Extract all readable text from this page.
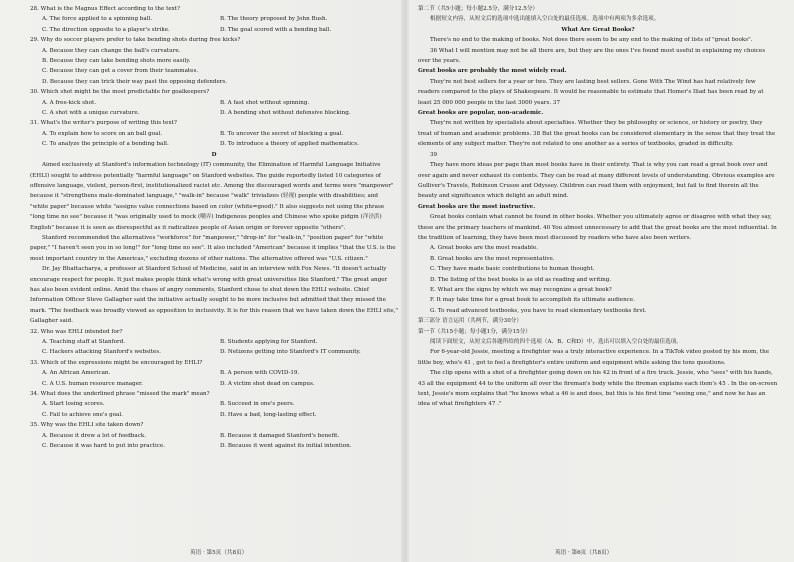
28. What is the Magnus Effect according to the text?
A. The force applied to a spinning ball.	B. The theory proposed by John Bush.
C. The direction opposite to a player's strike.	D. The goal scored with a bending ball.
29. Why do soccer players prefer to take bending shots during free kicks?
A. Because they can change the ball's curvature.
B. Because they can take bending shots more easily.
C. Because they can get a cover from their teammates.
D. Because they can trick their way past the opposing defenders.
30. Which shot might be the most predictable for goalkeepers?
A. A free-kick shot.	B. A fast shot without spinning.
C. A shot with a unique curvature.	D. A bending shot without defensive blocking.
31. What's the writer's purpose of writing this text?
A. To explain how to score on an ball goal.	B. To uncover the secret of blocking a goal.
C. To analyze the principle of a bending ball.	D. To introduce a theory of applied mathematics.
D
Aimed exclusively at Stanford's information technology (IT) community, the Elimination of Harmful Language Initiative (EHLI) sought to address potentially "harmful language" on Stanford websites. The guide reportedly listed 10 categories of offensive language, violent, person-first, institutionalized racist etc. Among the discouraged words and terms were "manpower" because it "strengthens male-dominated language," "walk-in" because "walk" trivializes (轻视) people with disabilities; and "white paper" because white "assigns value connections based on color (white=good)." It also suggests not using the phrase "long time no see" because it "was originally used to mock (嘲弄) Indigenous peoples and Chinese who spoke pidgin (洋泾浜) English" because it is seen as disrespectful as it radicalizes people of Asian origin or forever opposite "others".
Stanford recommended the alternatives "workforce" for "manpower," "drop-in" for "walk-in," "position paper" for "white paper," "I haven't seen you in so long!" for "long time no see". It also included "American" because it implies "that the U.S. is the most important country in the Americas," excluding dozens of other nations. The alternative offered was "U.S. citizen."
Dr. Jay Bhattacharya, a professor at Stanford School of Medicine, said in an interview with Fox News. "It doesn't actually encourage respect for people. It just makes people think what's wrong with great universities like Stanford." The great anger has also been evident online. Amid the chaos of angry comments, Stanford chose to shut down the EHLI website. Chief Information Officer Steve Gallagher said the initiative actually sought to be more inclusive but admitted that they missed the mark. "The feedback was broadly viewed as opposition to inclusivity. It is for this reason that we have taken down the EHLI site," Gallagher said.
32. Who was EHLI intended for?
A. Teaching staff at Stanford.	B. Students applying for Stanford.
C. Hackers attacking Stanford's websites.	D. Netizens getting into Stanford's IT community.
33. Which of the expressions might be encouraged by EHLI?
A. An African American.	B. A person with COVID-19.
C. A U.S. human resource manager.	D. A victim shot dead on campus.
34. What does the underlined phrase "missed the mark" mean?
A. Start losing scores.	B. Succeed in one's peers.
C. Fail to achieve one's goal.	D. Have a bad, long-lasting effect.
35. Why was the EHLI site taken down?
A. Because it drew a lot of feedback.	B. Because it damaged Stanford's benefit.
C. Because it was hard to put into practice.	D. Because it went against its initial intention.
第二节（共5小题；每小题2.5分，满分12.5分）
根据短文内容，从短文后的选项中选出能填入空白处的最佳选项。选项中有两项为多余选项。
What Are Great Books?
There's no end to the making of books. Not does there seem to be any end to the making of lists of "great books".
36 What I will mention may not be all there are, but they are the ones I've found most useful in explaining my choices over the years.
Great books are probably the most widely read.
They're not best sellers for a year or two. They are lasting best sellers. Gone With The Wind has had relatively few readers compared to the plays of Shakespeare. It would be reasonable to estimate that Homer's Iliad has been read by at least 25 000 000 people in the last 3000 years. 37
Great books are popular, non-academic.
They're not written by specialists about specialties. Whether they be philosophy or science, or history or poetry, they treat of human and academic problems. 38 But the great books can be considered elementary in the sense that they treat the elements of any subject matter. They're not related to one another as a series of textbooks, graded in difficulty.
39
They have more ideas per page than most books have in their entirety. That is why you can read a great book over and over again and never exhaust its contents. They can be read at many different levels of understanding. Obvious examples are Gulliver's Travels, Robinson Crusoe and Odyssey. Children can read them with enjoyment, but fail to find therein all the beauty and significance which delight an adult mind.
Great books are the most instructive.
Great books contain what cannot be found in other books. Whether you ultimately agree or disagree with what they say, these are the primary teachers of mankind. 40 You almost unnecessary to add that the great books are the most influential. In the tradition of learning, they have been most discussed by readers who have also been writers.
A. Great books are the most readable.
B. Great books are the most representative.
C. They have made basic contributions to human thought.
D. The listing of the best books is as old as reading and writing.
E. What are the signs by which we may recognize a great book?
F. It may take time for a great book to accomplish its ultimate audience.
G. To read advanced textbooks, you have to read elementary textbooks first.
第三部分 语言运用（共两节，满分30分）
第一节（共15小题；每小题1分，满分15分）
阅读下面短文，从短文后各题所给的四个选项（A、B、C和D）中，选出可以填入空白处的最佳选项。
For 6-year-old Jessie, meeting a firefighter was a truly interactive experience. In a TikTok video posted by his mom, the little boy, who's 41 , got to feel a firefighter's entire uniform and equipment while asking the tons questions.
The clip opens with a shot of a firefighter going down on his 42 in front of a fire truck. Jessie, who "sees" with his hands, 43 all the equipment 44 to the uniform all over the fireman's body while the fireman explains each item's 45 . In the on-screen text, Jessie's mom explains that "he knows what a 46 is and does, but this is his first time "seeing one," and now he has an idea of what firefighters 47 ."
英语 · 第5页（共8页）	英语 · 第6页（共8页）
